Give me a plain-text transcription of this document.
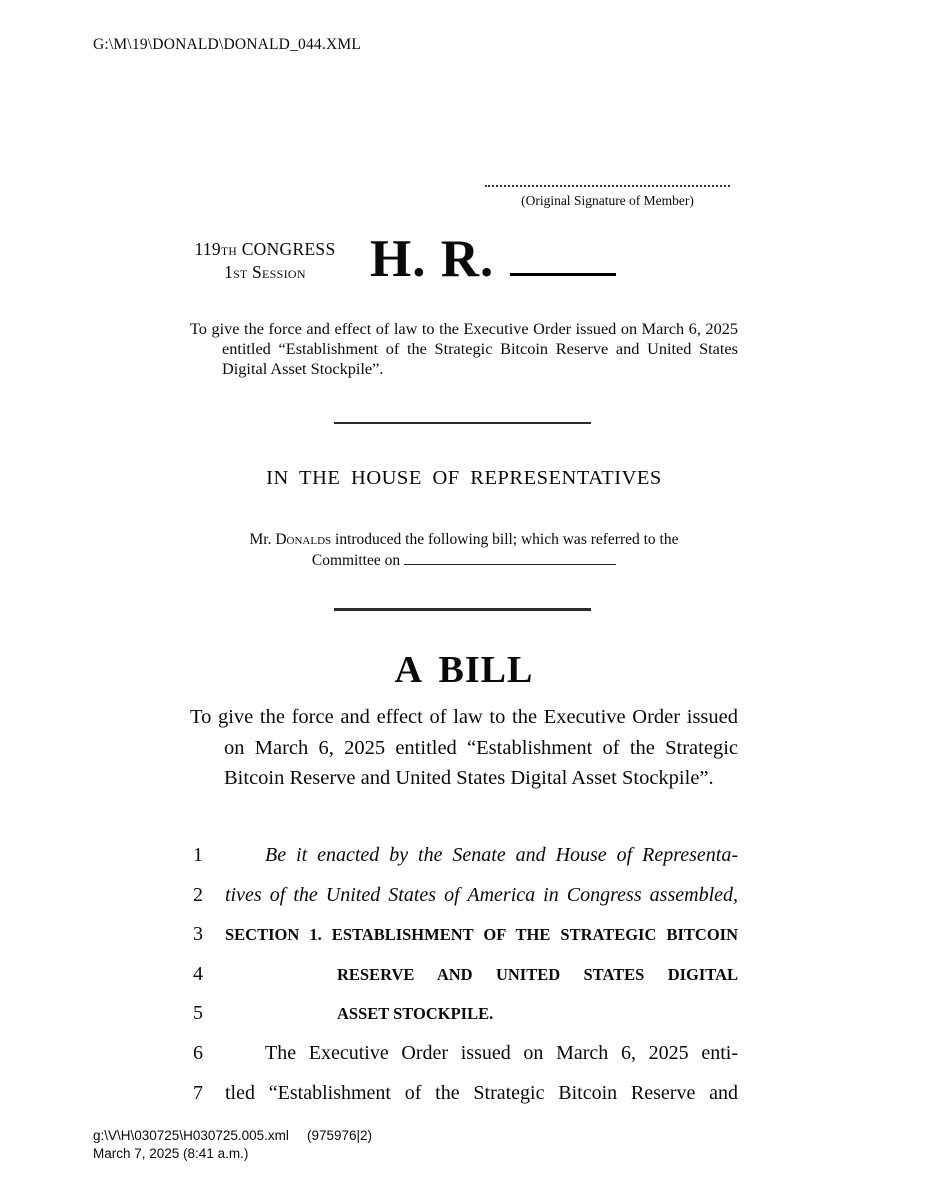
G:\M\19\DONALD\DONALD_044.XML
(Original Signature of Member)
119TH CONGRESS
1ST Session	H. R.
To give the force and effect of law to the Executive Order issued on March 6, 2025 entitled “Establishment of the Strategic Bitcoin Reserve and United States Digital Asset Stockpile”.
IN THE HOUSE OF REPRESENTATIVES
Mr. Donalds introduced the following bill; which was referred to the
Committee on
A BILL
To give the force and effect of law to the Executive Order issued on March 6, 2025 entitled “Establishment of the Strategic Bitcoin Reserve and United States Digital Asset Stockpile”.
1	Be it enacted by the Senate and House of Representa-
2	tives of the United States of America in Congress assembled,
3	SECTION 1. ESTABLISHMENT OF THE STRATEGIC BITCOIN
4	RESERVE AND UNITED STATES DIGITAL
5	ASSET STOCKPILE.
6	The Executive Order issued on March 6, 2025 enti-
7	tled “Establishment of the Strategic Bitcoin Reserve and
g:\V\H\030725\H030725.005.xml (975976|2)
March 7, 2025 (8:41 a.m.)
